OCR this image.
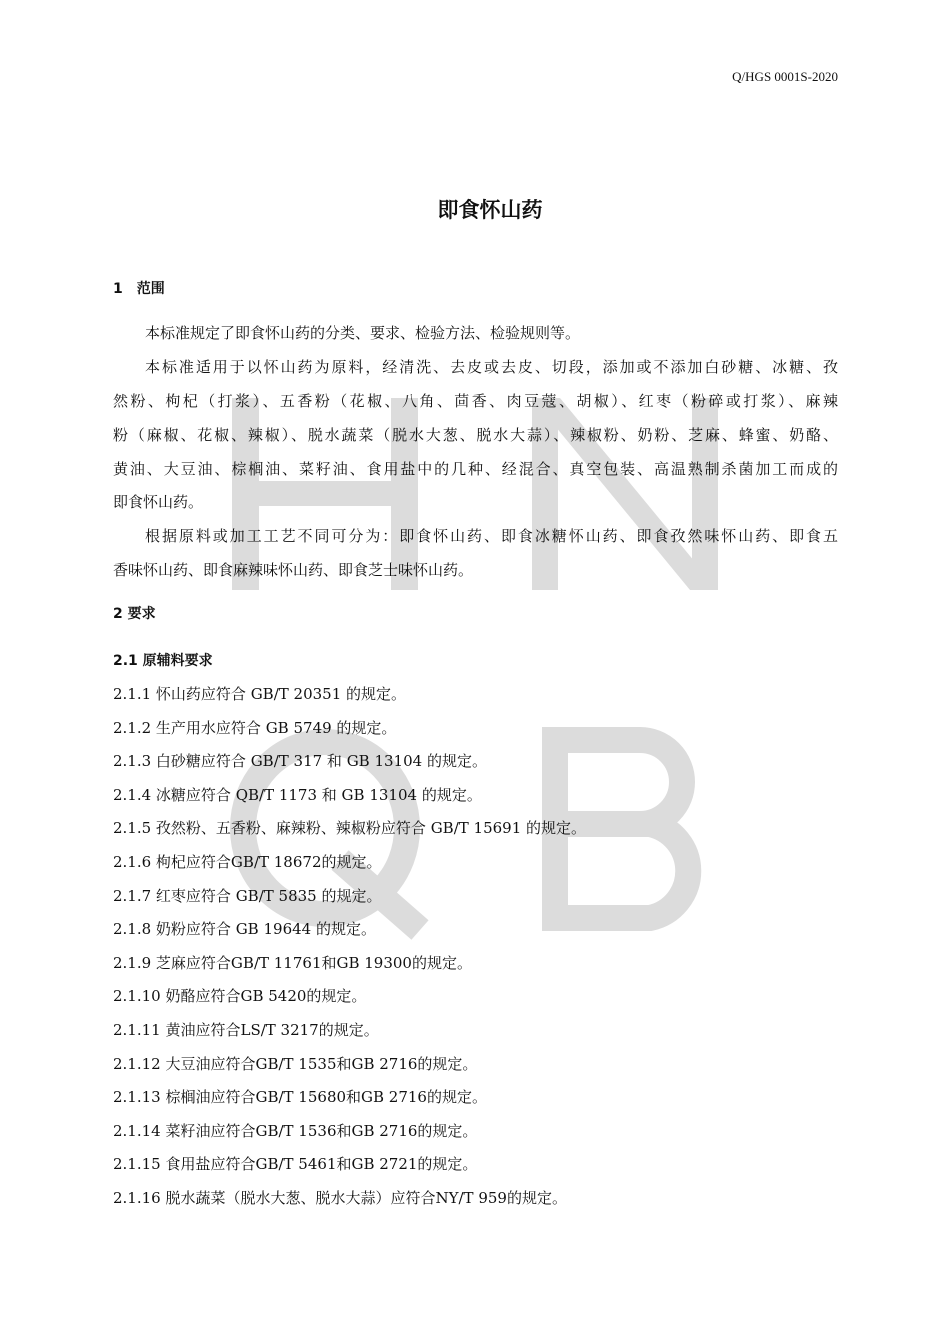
Q/HGS 0001S-2020
即食怀山药
1　范围
2 要求
2.1 原辅料要求
本标准规定了即食怀山药的分类、要求、检验方法、检验规则等。
本标准适用于以怀山药为原料，经清洗、去皮或去皮、切段，添加或不添加白砂糖、冰糖、孜
然粉、枸杞（打浆）、五香粉（花椒、八角、茴香、肉豆蔻、胡椒）、红枣（粉碎或打浆）、麻辣
粉（麻椒、花椒、辣椒）、脱水蔬菜（脱水大葱、脱水大蒜）、辣椒粉、奶粉、芝麻、蜂蜜、奶酪、
黄油、大豆油、棕榈油、菜籽油、食用盐中的几种、经混合、真空包装、高温熟制杀菌加工而成的
即食怀山药。
根据原料或加工工艺不同可分为：即食怀山药、即食冰糖怀山药、即食孜然味怀山药、即食五
香味怀山药、即食麻辣味怀山药、即食芝士味怀山药。
2.1.1 怀山药应符合 GB/T 20351 的规定。
2.1.2 生产用水应符合 GB 5749 的规定。
2.1.3 白砂糖应符合 GB/T 317 和 GB 13104 的规定。
2.1.4 冰糖应符合 QB/T 1173 和 GB 13104 的规定。
2.1.5 孜然粉、五香粉、麻辣粉、辣椒粉应符合 GB/T 15691 的规定。
2.1.6 枸杞应符合GB/T 18672的规定。
2.1.7 红枣应符合 GB/T 5835 的规定。
2.1.8 奶粉应符合 GB 19644 的规定。
2.1.9 芝麻应符合GB/T 11761和GB 19300的规定。
2.1.10 奶酪应符合GB 5420的规定。
2.1.11 黄油应符合LS/T 3217的规定。
2.1.12 大豆油应符合GB/T 1535和GB 2716的规定。
2.1.13 棕榈油应符合GB/T 15680和GB 2716的规定。
2.1.14 菜籽油应符合GB/T 1536和GB 2716的规定。
2.1.15 食用盐应符合GB/T 5461和GB 2721的规定。
2.1.16 脱水蔬菜（脱水大葱、脱水大蒜）应符合NY/T 959的规定。
